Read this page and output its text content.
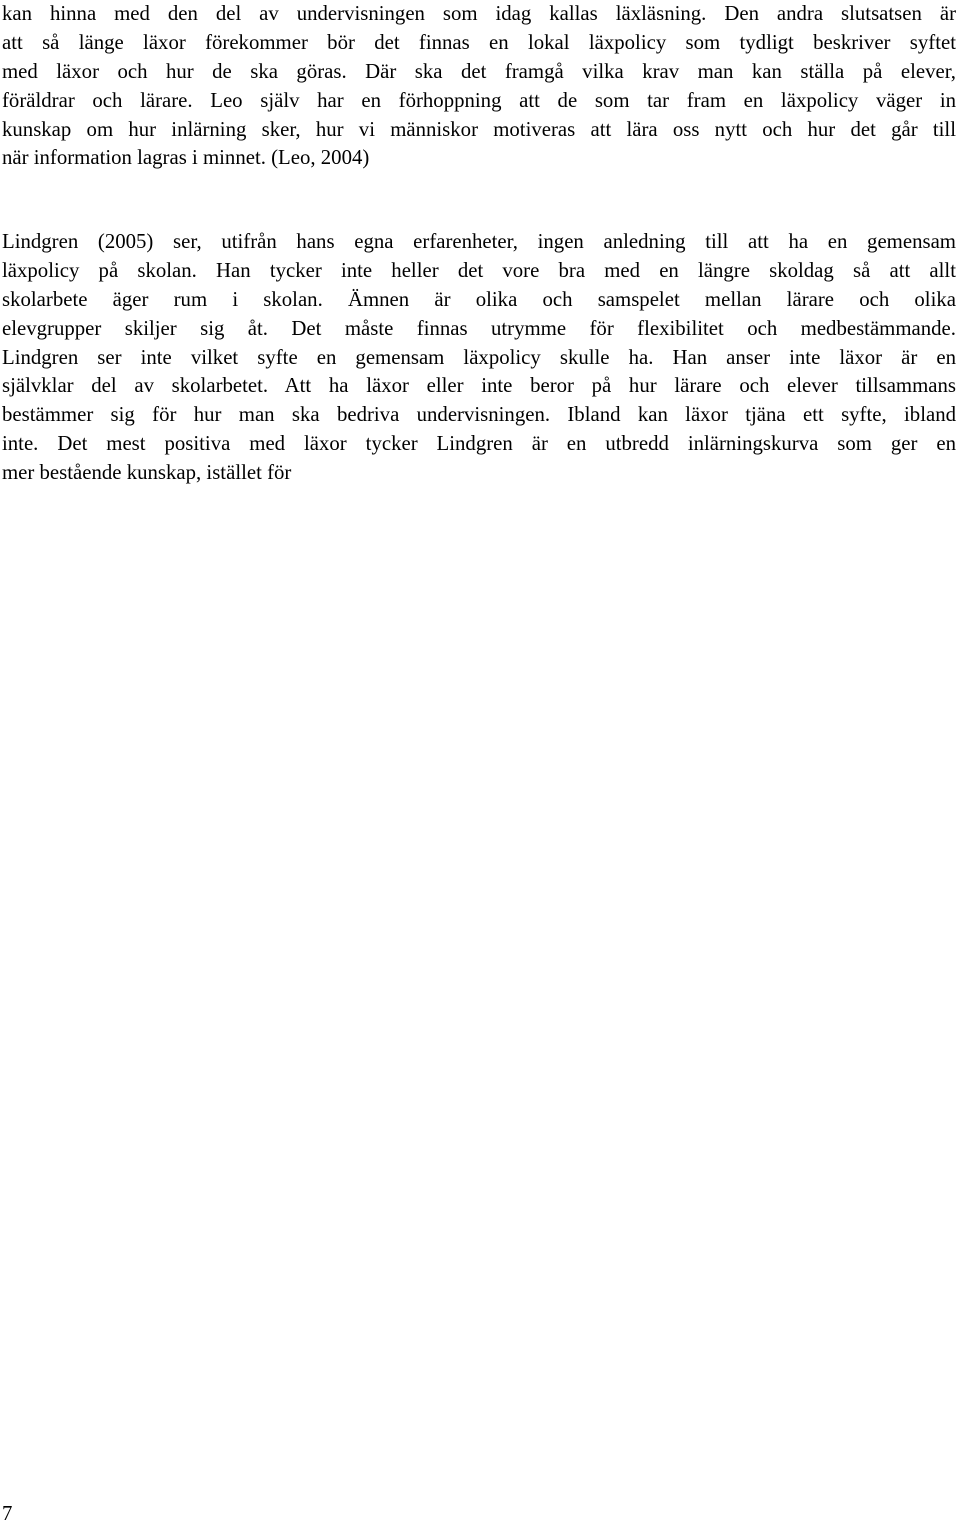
kan hinna med den del av undervisningen som idag kallas läxläsning. Den andra slutsatsen är
att så länge läxor förekommer bör det finnas en lokal läxpolicy som tydligt beskriver syftet
med läxor och hur de ska göras. Där ska det framgå vilka krav man kan ställa på elever,
föräldrar och lärare. Leo själv har en förhoppning att de som tar fram en läxpolicy väger in
kunskap om hur inlärning sker, hur vi människor motiveras att lära oss nytt och hur det går till
när information lagras i minnet. (Leo, 2004)
Lindgren (2005) ser, utifrån hans egna erfarenheter, ingen anledning till att ha en gemensam
läxpolicy på skolan. Han tycker inte heller det vore bra med en längre skoldag så att allt
skolarbete äger rum i skolan. Ämnen är olika och samspelet mellan lärare och olika
elevgrupper skiljer sig åt. Det måste finnas utrymme för flexibilitet och medbestämmande.
Lindgren ser inte vilket syfte en gemensam läxpolicy skulle ha. Han anser inte läxor är en
självklar del av skolarbetet. Att ha läxor eller inte beror på hur lärare och elever tillsammans
bestämmer sig för hur man ska bedriva undervisningen. Ibland kan läxor tjäna ett syfte, ibland
inte. Det mest positiva med läxor tycker Lindgren är en utbredd inlärningskurva som ger en
mer bestående kunskap, istället för
7
